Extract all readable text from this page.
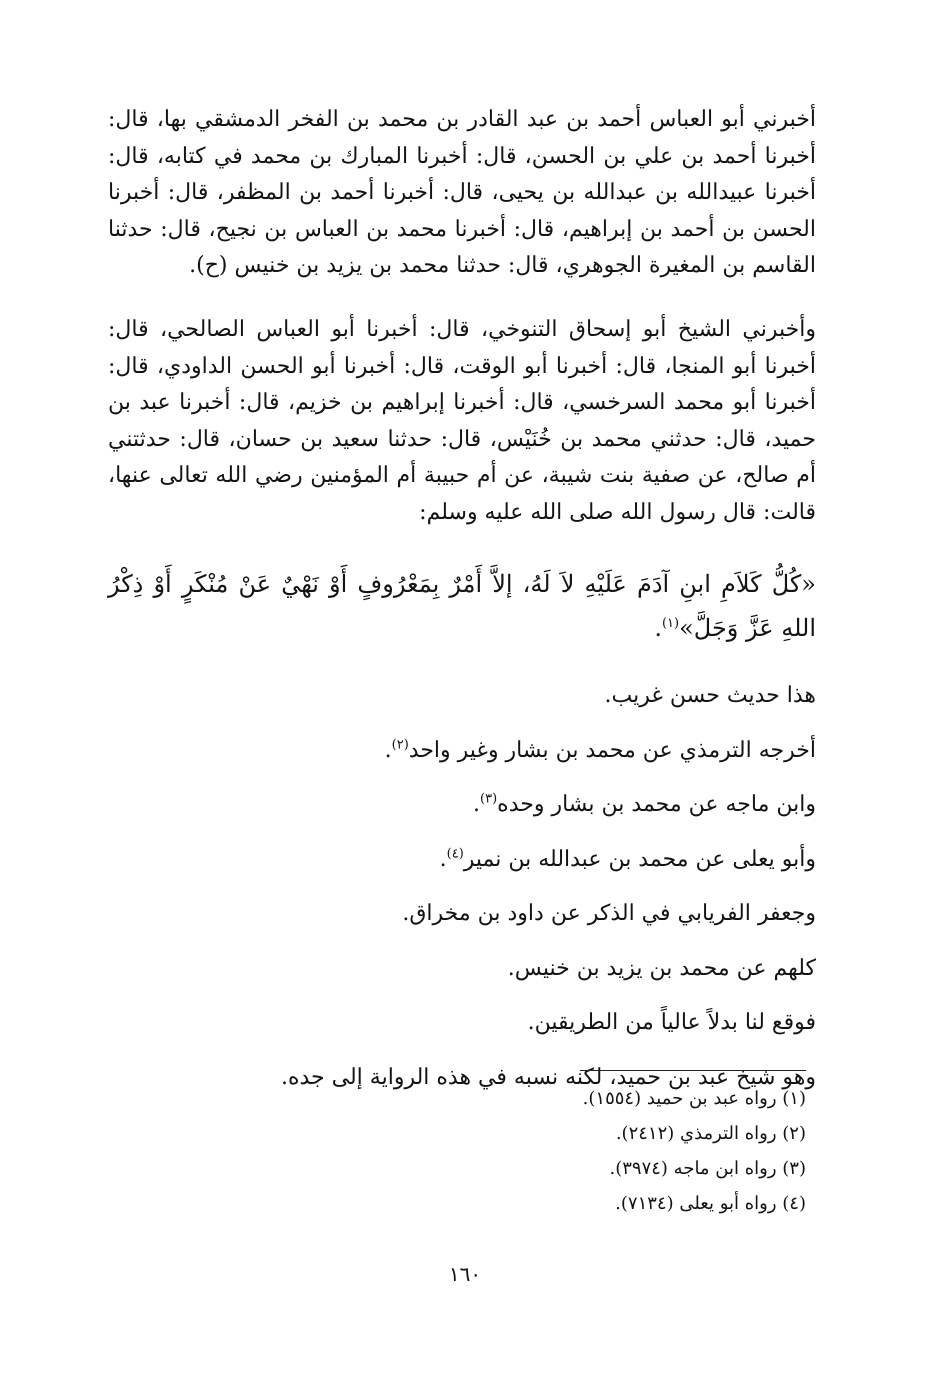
أخبرني أبو العباس أحمد بن عبد القادر بن محمد بن الفخر الدمشقي بها، قال: أخبرنا أحمد بن علي بن الحسن، قال: أخبرنا المبارك بن محمد في كتابه، قال: أخبرنا عبيدالله بن عبدالله بن يحيى، قال: أخبرنا أحمد بن المظفر، قال: أخبرنا الحسن بن أحمد بن إبراهيم، قال: أخبرنا محمد بن العباس بن نجيح، قال: حدثنا القاسم بن المغيرة الجوهري، قال: حدثنا محمد بن يزيد بن خنيس (ح).

وأخبرني الشيخ أبو إسحاق التنوخي، قال: أخبرنا أبو العباس الصالحي، قال: أخبرنا أبو المنجا، قال: أخبرنا أبو الوقت، قال: أخبرنا أبو الحسن الداودي، قال: أخبرنا أبو محمد السرخسي، قال: أخبرنا إبراهيم بن خزيم، قال: أخبرنا عبد بن حميد، قال: حدثني محمد بن خُنَيْس، قال: حدثنا سعيد بن حسان، قال: حدثتني أم صالح، عن صفية بنت شيبة، عن أم حبيبة أم المؤمنين رضي الله تعالى عنها، قالت: قال رسول الله صلى الله عليه وسلم:

«كُلُّ كَلاَمِ ابنِ آدَمَ عَلَيْهِ لاَ لَهُ، إلاَّ أَمْرٌ بِمَعْرُوفٍ أَوْ نَهْيٌ عَنْ مُنْكَرٍ أَوْ ذِكْرُ اللهِ عَزَّ وَجَلَّ»$^{(١)}$.

هذا حديث حسن غريب.
أخرجه الترمذي عن محمد بن بشار وغير واحد$^{(٢)}$.
وابن ماجه عن محمد بن بشار وحده$^{(٣)}$.
وأبو يعلى عن محمد بن عبدالله بن نمير$^{(٤)}$.
وجعفر الفريابي في الذكر عن داود بن مخراق.
كلهم عن محمد بن يزيد بن خنيس.
فوقع لنا بدلاً عالياً من الطريقين.
وهو شيخ عبد بن حميد، لكنه نسبه في هذه الرواية إلى جده.
(١) رواه عبد بن حميد (١٥٥٤).
(٢) رواه الترمذي (٢٤١٢).
(٣) رواه ابن ماجه (٣٩٧٤).
(٤) رواه أبو يعلى (٧١٣٤).
١٦٠
